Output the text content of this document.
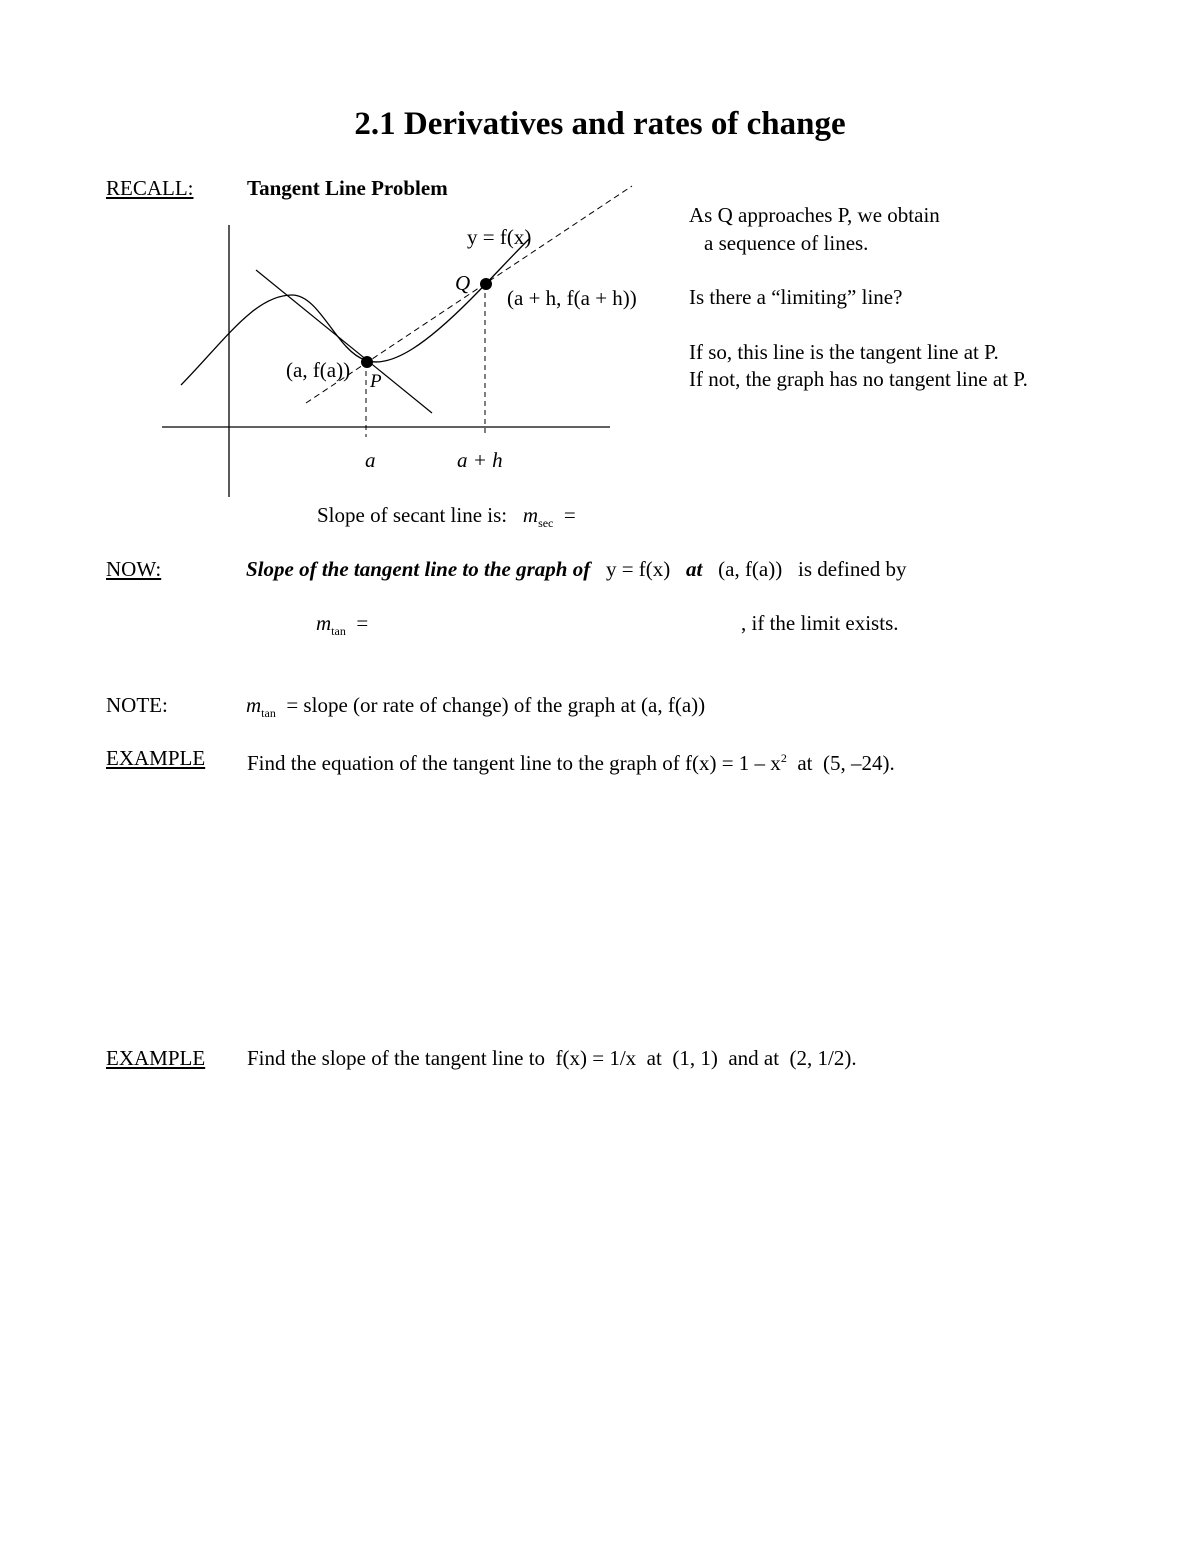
2.1 Derivatives and rates of change
RECALL:	Tangent Line Problem
y = f(x)
Q
(a + h, f(a + h))
(a, f(a)) P
a	a + h
As Q approaches P, we obtain
a sequence of lines.
Is there a “limiting” line?
If so, this line is the tangent line at P.
If not, the graph has no tangent line at P.
Slope of secant line is: $m_{sec}$ =
NOW:	Slope of the tangent line to the graph of y = f(x) at (a, f(a)) is defined by
$m_{tan}$ =	, if the limit exists.
NOTE:	$m_{tan}$ = slope (or rate of change) of the graph at (a, f(a))
EXAMPLE Find the equation of the tangent line to the graph of $f(x) = 1 - x^2$  at  (5, –24).
EXAMPLE Find the slope of the tangent line to  f(x) = 1/x  at  (1, 1)  and at  (2, 1/2).
